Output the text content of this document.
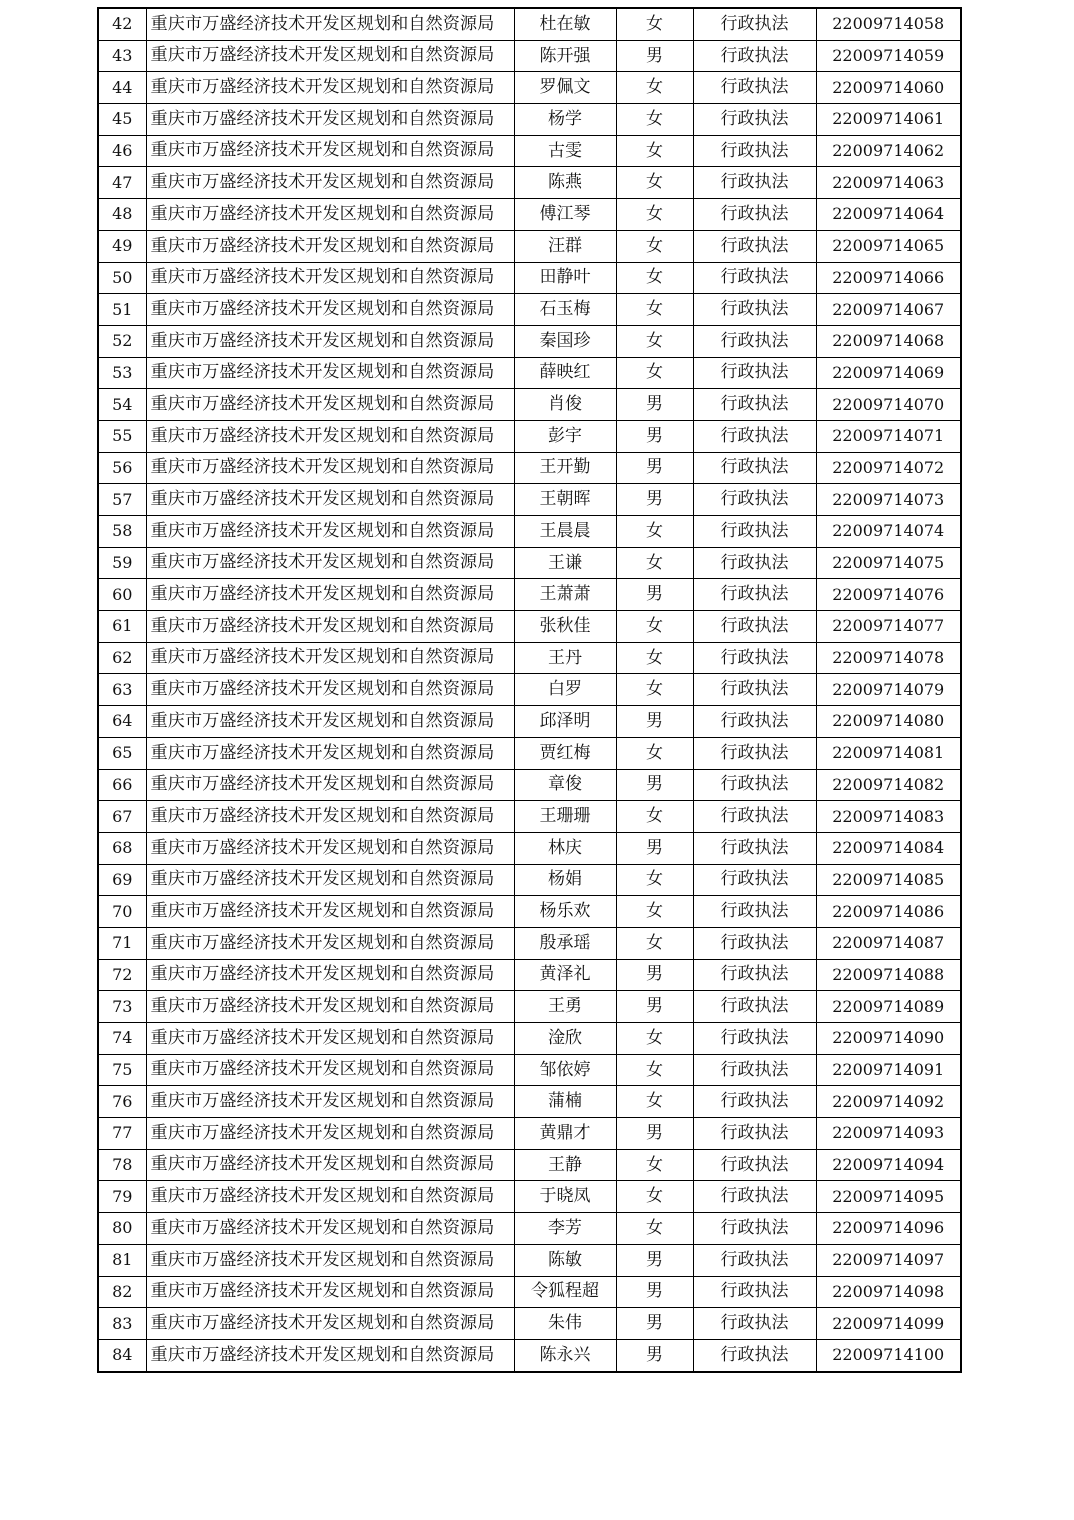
42	重庆市万盛经济技术开发区规划和自然资源局	杜在敏	女	行政执法	22009714058
43	重庆市万盛经济技术开发区规划和自然资源局	陈开强	男	行政执法	22009714059
44	重庆市万盛经济技术开发区规划和自然资源局	罗佩文	女	行政执法	22009714060
45	重庆市万盛经济技术开发区规划和自然资源局	杨学	女	行政执法	22009714061
46	重庆市万盛经济技术开发区规划和自然资源局	古雯	女	行政执法	22009714062
47	重庆市万盛经济技术开发区规划和自然资源局	陈燕	女	行政执法	22009714063
48	重庆市万盛经济技术开发区规划和自然资源局	傅江琴	女	行政执法	22009714064
49	重庆市万盛经济技术开发区规划和自然资源局	汪群	女	行政执法	22009714065
50	重庆市万盛经济技术开发区规划和自然资源局	田静叶	女	行政执法	22009714066
51	重庆市万盛经济技术开发区规划和自然资源局	石玉梅	女	行政执法	22009714067
52	重庆市万盛经济技术开发区规划和自然资源局	秦国珍	女	行政执法	22009714068
53	重庆市万盛经济技术开发区规划和自然资源局	薛映红	女	行政执法	22009714069
54	重庆市万盛经济技术开发区规划和自然资源局	肖俊	男	行政执法	22009714070
55	重庆市万盛经济技术开发区规划和自然资源局	彭宇	男	行政执法	22009714071
56	重庆市万盛经济技术开发区规划和自然资源局	王开勤	男	行政执法	22009714072
57	重庆市万盛经济技术开发区规划和自然资源局	王朝晖	男	行政执法	22009714073
58	重庆市万盛经济技术开发区规划和自然资源局	王晨晨	女	行政执法	22009714074
59	重庆市万盛经济技术开发区规划和自然资源局	王谦	女	行政执法	22009714075
60	重庆市万盛经济技术开发区规划和自然资源局	王萧萧	男	行政执法	22009714076
61	重庆市万盛经济技术开发区规划和自然资源局	张秋佳	女	行政执法	22009714077
62	重庆市万盛经济技术开发区规划和自然资源局	王丹	女	行政执法	22009714078
63	重庆市万盛经济技术开发区规划和自然资源局	白罗	女	行政执法	22009714079
64	重庆市万盛经济技术开发区规划和自然资源局	邱泽明	男	行政执法	22009714080
65	重庆市万盛经济技术开发区规划和自然资源局	贾红梅	女	行政执法	22009714081
66	重庆市万盛经济技术开发区规划和自然资源局	章俊	男	行政执法	22009714082
67	重庆市万盛经济技术开发区规划和自然资源局	王珊珊	女	行政执法	22009714083
68	重庆市万盛经济技术开发区规划和自然资源局	林庆	男	行政执法	22009714084
69	重庆市万盛经济技术开发区规划和自然资源局	杨娟	女	行政执法	22009714085
70	重庆市万盛经济技术开发区规划和自然资源局	杨乐欢	女	行政执法	22009714086
71	重庆市万盛经济技术开发区规划和自然资源局	殷承瑶	女	行政执法	22009714087
72	重庆市万盛经济技术开发区规划和自然资源局	黄泽礼	男	行政执法	22009714088
73	重庆市万盛经济技术开发区规划和自然资源局	王勇	男	行政执法	22009714089
74	重庆市万盛经济技术开发区规划和自然资源局	淦欣	女	行政执法	22009714090
75	重庆市万盛经济技术开发区规划和自然资源局	邹依婷	女	行政执法	22009714091
76	重庆市万盛经济技术开发区规划和自然资源局	蒲楠	女	行政执法	22009714092
77	重庆市万盛经济技术开发区规划和自然资源局	黄鼎才	男	行政执法	22009714093
78	重庆市万盛经济技术开发区规划和自然资源局	王静	女	行政执法	22009714094
79	重庆市万盛经济技术开发区规划和自然资源局	于晓凤	女	行政执法	22009714095
80	重庆市万盛经济技术开发区规划和自然资源局	李芳	女	行政执法	22009714096
81	重庆市万盛经济技术开发区规划和自然资源局	陈敏	男	行政执法	22009714097
82	重庆市万盛经济技术开发区规划和自然资源局	令狐程超	男	行政执法	22009714098
83	重庆市万盛经济技术开发区规划和自然资源局	朱伟	男	行政执法	22009714099
84	重庆市万盛经济技术开发区规划和自然资源局	陈永兴	男	行政执法	22009714100
